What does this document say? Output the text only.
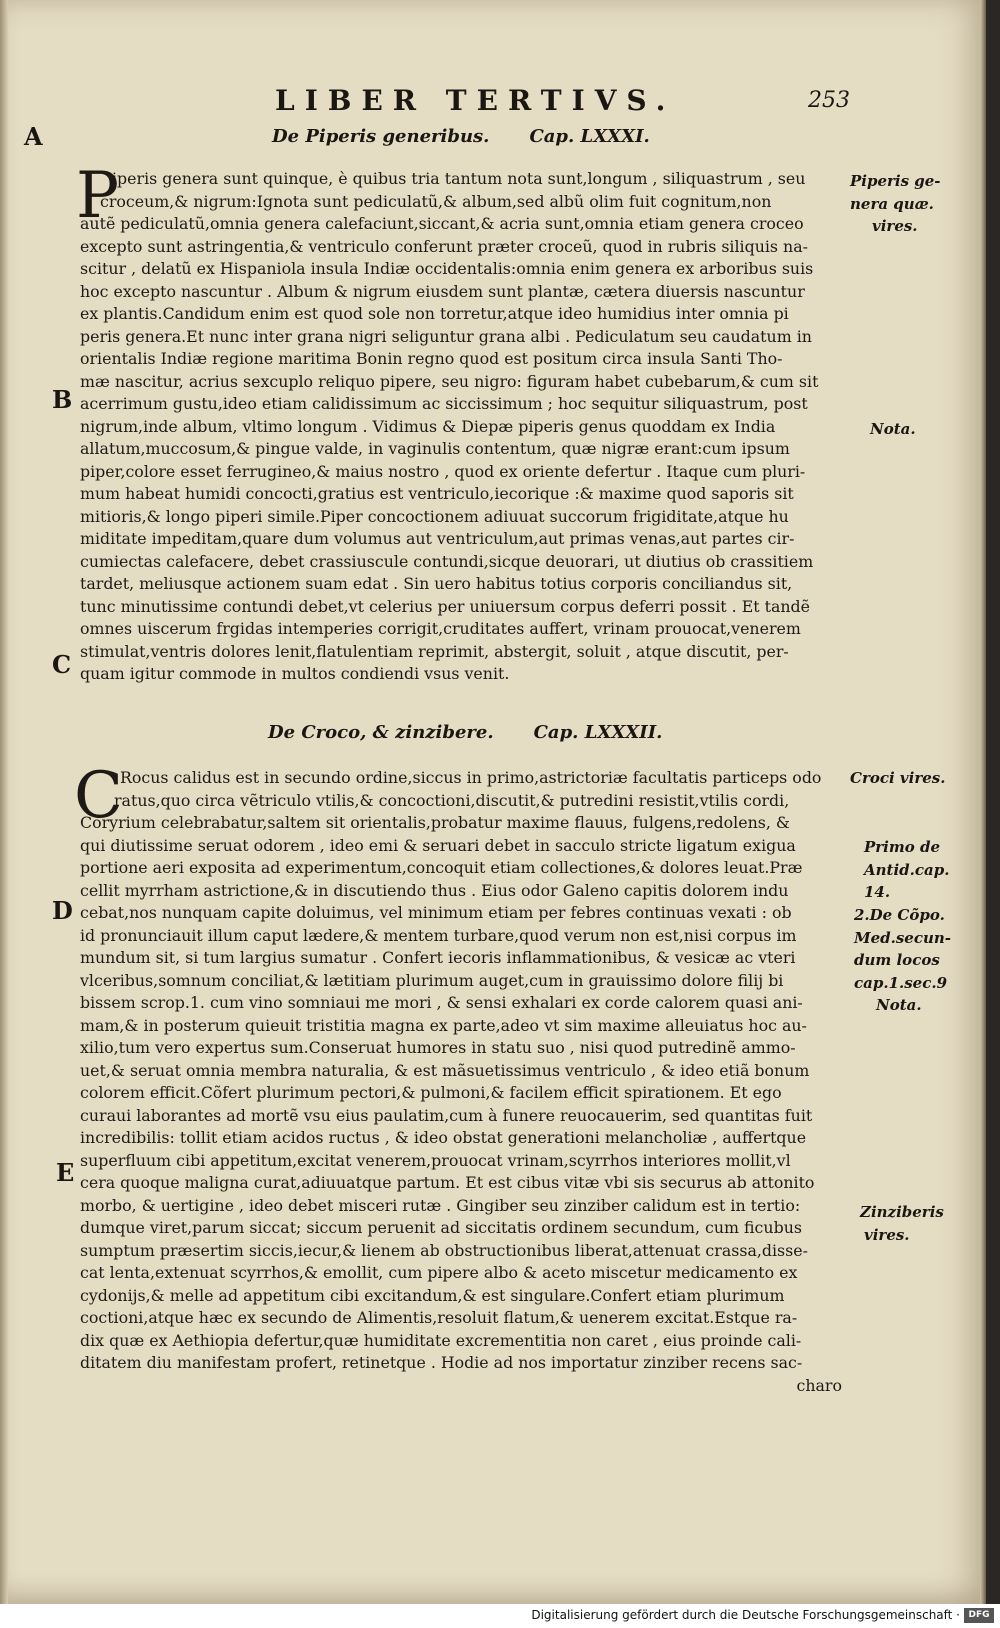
LIBER TERTIVS.	253
A
B
C
D
E
De Piperis generibus. Cap. LXXXI.
P
iperis genera sunt quinque, è quibus tria tantum nota sunt,longum , siliquastrum , seu
croceum,& nigrum:Ignota sunt pediculatũ,& album,sed albũ olim fuit cognitum,non
autẽ pediculatũ,omnia genera calefaciunt,siccant,& acria sunt,omnia etiam genera croceo
excepto sunt astringentia,& ventriculo conferunt præter croceũ, quod in rubris siliquis na-
scitur , delatũ ex Hispaniola insula Indiæ occidentalis:omnia enim genera ex arboribus suis
hoc excepto nascuntur . Album & nigrum eiusdem sunt plantæ, cætera diuersis nascuntur
ex plantis.Candidum enim est quod sole non torretur,atque ideo humidius inter omnia pi
peris genera.Et nunc inter grana nigri seliguntur grana albi . Pediculatum seu caudatum in
orientalis Indiæ regione maritima Bonin regno quod est positum circa insula Santi Tho-
mæ nascitur, acrius sexcuplo reliquo pipere, seu nigro: figuram habet cubebarum,& cum sit
acerrimum gustu,ideo etiam calidissimum ac siccissimum ; hoc sequitur siliquastrum, post
nigrum,inde album, vltimo longum . Vidimus & Diepæ piperis genus quoddam ex India
allatum,muccosum,& pingue valde, in vaginulis contentum, quæ nigræ erant:cum ipsum
piper,colore esset ferrugineo,& maius nostro , quod ex oriente defertur . Itaque cum pluri-
mum habeat humidi concocti,gratius est ventriculo,iecorique :& maxime quod saporis sit
mitioris,& longo piperi simile.Piper concoctionem adiuuat succorum frigiditate,atque hu
miditate impeditam,quare dum volumus aut ventriculum,aut primas venas,aut partes cir-
cumiectas calefacere, debet crassiuscule contundi,sicque deuorari, ut diutius ob crassitiem
tardet, meliusque actionem suam edat . Sin uero habitus totius corporis conciliandus sit,
tunc minutissime contundi debet,vt celerius per uniuersum corpus deferri possit . Et tandẽ
omnes uiscerum frgidas intemperies corrigit,cruditates auffert, vrinam prouocat,venerem
stimulat,ventris dolores lenit,flatulentiam reprimit, abstergit, soluit , atque discutit, per-
quam igitur commode in multos condiendi vsus venit.
Piperis ge-
nera quæ.
vires.
Nota.
De Croco, & zinzibere. Cap. LXXXII.
C
Rocus calidus est in secundo ordine,siccus in primo,astrictoriæ facultatis particeps odo
ratus,quo circa vẽtriculo vtilis,& concoctioni,discutit,& putredini resistit,vtilis cordi,
Coryrium celebrabatur,saltem sit orientalis,probatur maxime flauus, fulgens,redolens, &
qui diutissime seruat odorem , ideo emi & seruari debet in sacculo stricte ligatum exigua
portione aeri exposita ad experimentum,concoquit etiam collectiones,& dolores leuat.Præ
cellit myrrham astrictione,& in discutiendo thus . Eius odor Galeno capitis dolorem indu
cebat,nos nunquam capite doluimus, vel minimum etiam per febres continuas vexati : ob
id pronunciauit illum caput lædere,& mentem turbare,quod verum non est,nisi corpus im
mundum sit, si tum largius sumatur . Confert iecoris inflammationibus, & vesicæ ac vteri
vlceribus,somnum conciliat,& lætitiam plurimum auget,cum in grauissimo dolore filij bi
bissem scrop.1. cum vino somniaui me mori , & sensi exhalari ex corde calorem quasi ani-
mam,& in posterum quieuit tristitia magna ex parte,adeo vt sim maxime alleuiatus hoc au-
xilio,tum vero expertus sum.Conseruat humores in statu suo , nisi quod putredinẽ ammo-
uet,& seruat omnia membra naturalia, & est mãsuetissimus ventriculo , & ideo etiã bonum
colorem efficit.Cõfert plurimum pectori,& pulmoni,& facilem efficit spirationem. Et ego
curaui laborantes ad mortẽ vsu eius paulatim,cum à funere reuocauerim, sed quantitas fuit
incredibilis: tollit etiam acidos ructus , & ideo obstat generationi melancholiæ , auffertque
superfluum cibi appetitum,excitat venerem,prouocat vrinam,scyrrhos interiores mollit,vl
cera quoque maligna curat,adiuuatque partum. Et est cibus vitæ vbi sis securus ab attonito
morbo, & uertigine , ideo debet misceri rutæ . Gingiber seu zinziber calidum est in tertio:
dumque viret,parum siccat; siccum peruenit ad siccitatis ordinem secundum, cum ficubus
sumptum præsertim siccis,iecur,& lienem ab obstructionibus liberat,attenuat crassa,disse-
cat lenta,extenuat scyrrhos,& emollit, cum pipere albo & aceto miscetur medicamento ex
cydonijs,& melle ad appetitum cibi excitandum,& est singulare.Confert etiam plurimum
coctioni,atque hæc ex secundo de Alimentis,resoluit flatum,& uenerem excitat.Estque ra-
dix quæ ex Aethiopia defertur,quæ humiditate excrementitia non caret , eius proinde cali-
ditatem diu manifestam profert, retinetque . Hodie ad nos importatur zinziber recens sac-
charo
Croci vires.
Primo de
Antid.cap.
14.
2.De Cõpo.
Med.secun-
dum locos
cap.1.sec.9
Nota.
Zinziberis
vires.
Digitalisierung gefördert durch die Deutsche Forschungsgemeinschaft · DFG
